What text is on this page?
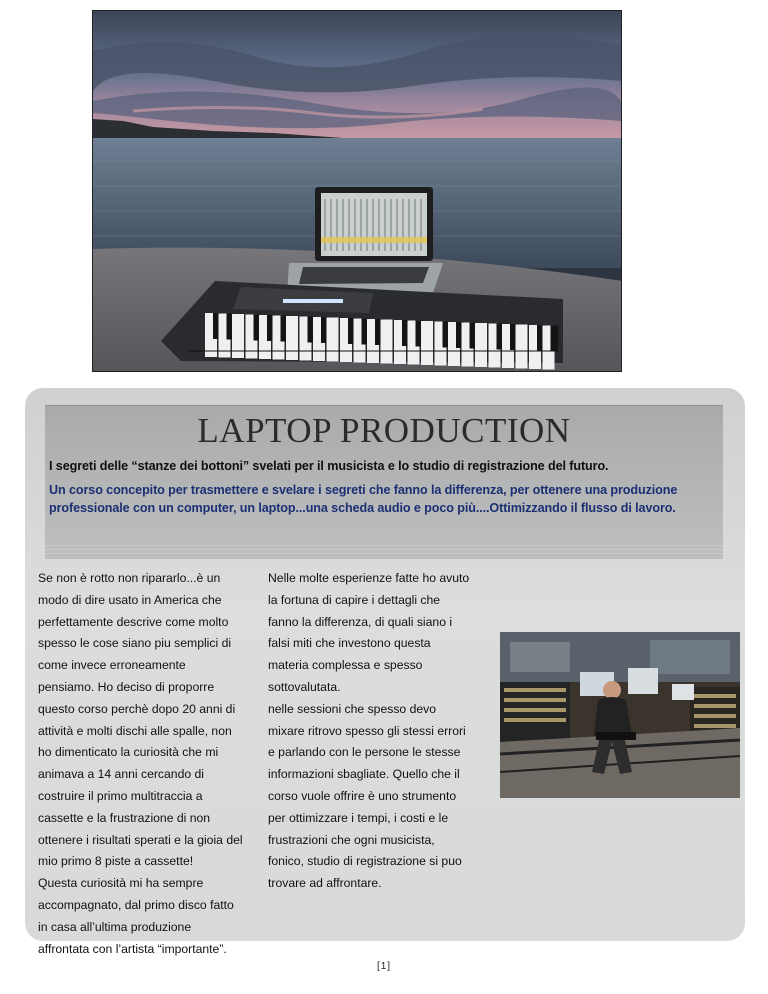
LAPTOP PRODUCTION
I segreti delle “stanze dei bottoni” svelati per il musicista e lo studio di registrazione del futuro.
Un corso concepito per trasmettere e svelare i segreti che fanno la differenza, per ottenere una produzione professionale con un computer, un laptop...una scheda audio e poco più....Ottimizzando il flusso di lavoro.

Se non è rotto non ripararlo...è un
modo di dire usato in America che
perfettamente descrive come molto
spesso le cose siano piu semplici di
come invece erroneamente
pensiamo. Ho deciso di proporre
questo corso perchè dopo 20 anni di
attività e molti dischi alle spalle, non
ho dimenticato la curiosità che mi
animava a 14 anni cercando di
costruire il primo multitraccia a
cassette e la frustrazione di non
ottenere i risultati sperati e la gioia del
mio primo 8 piste a cassette!
Questa curiosità mi ha sempre
accompagnato, dal primo disco fatto
in casa all’ultima produzione
affrontata con l’artista “importante”.

Nelle molte esperienze fatte ho avuto
la fortuna di capire i dettagli che
fanno la differenza, di quali siano i
falsi miti che investono questa
materia complessa e spesso
sottovalutata.
nelle sessioni che spesso devo
mixare ritrovo spesso gli stessi errori
e parlando con le persone le stesse
informazioni sbagliate. Quello che il
corso vuole offrire è uno strumento
per ottimizzare i tempi, i costi e le
frustrazioni che ogni musicista,
fonico, studio di registrazione si puo
trovare ad affrontare.

[1]
